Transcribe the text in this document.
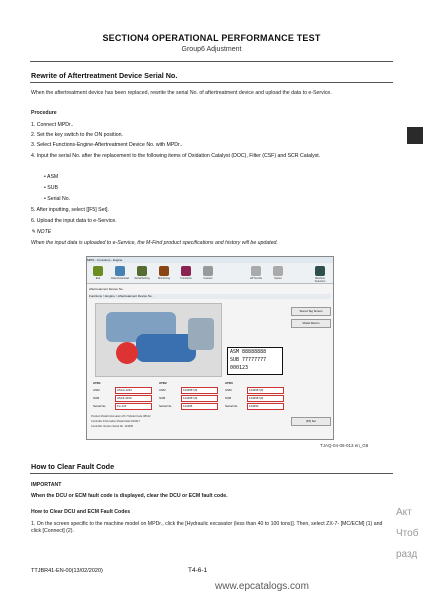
SECTION4 OPERATIONAL PERFORMANCE TEST
Group6 Adjustment
Rewrite of Aftertreatment Device Serial No.
When the aftertreatment device has been replaced, rewrite the serial No. of aftertreatment device and upload the data to e-Service.
Procedure
1. Connect MPDr..
2. Set the key switch to the ON position.
3. Select Functions-Engine-Aftertreatment Device No. with MPDr..
4. Input the serial No. after the replacement to the following items of Oxidation Catalyst (DOC), Filter (CSF) and SCR Catalyst.
• ASM
• SUB
• Serial No.
5. After inputting, select [[F5] Set].
6. Upload the input data to e-Service.
✎ NOTE
When the input data is uploaded to e-Service, the M-Find product specifications and history will be updated.
MPDr - Functions - Engine
Exit	Data Download	Serial/Setting	Monitoring	Functions	Careers	HP Nozzle	Option	Machine Selection
Aftertreatment Device No.
Functions > Engine > Aftertreatment Device No.
Stored Tag Screen
Model Return
ASM 88888888
SUB 77777777
000123
ATD1	ATD2	ATD3
ASM	ASCA-1234	ASM	1234567(0)	ASM	1234567(0)
SUB	ASCF-4150	SUB	1234567(0)	SUB	1234567(0)
Serial No.	Fix-123	Serial No.	123456	Serial No.	123450
Product Model Information ZX-7 Model Code 08132
Controller Information Model Date 03/2017
Controller Version Serial No. 123456
[F5] Set
TJAQ-04-06-013 en_G8
How to Clear Fault Code
IMPORTANT
When the DCU or ECM fault code is displayed, clear the DCU or ECM fault code.
How to Clear DCU and ECM Fault Codes
1. On the screen specific to the machine model on MPDr., click the [Hydraulic excavator (less than 40 to 100 tons)]. Then, select ZX-7- [MC/ECM] (1) and click [Connect] (2).
TTJBR41-EN-00(13/02/2020)	T4-6-1
www.epcatalogs.com
Акт
Чтоб
разд
